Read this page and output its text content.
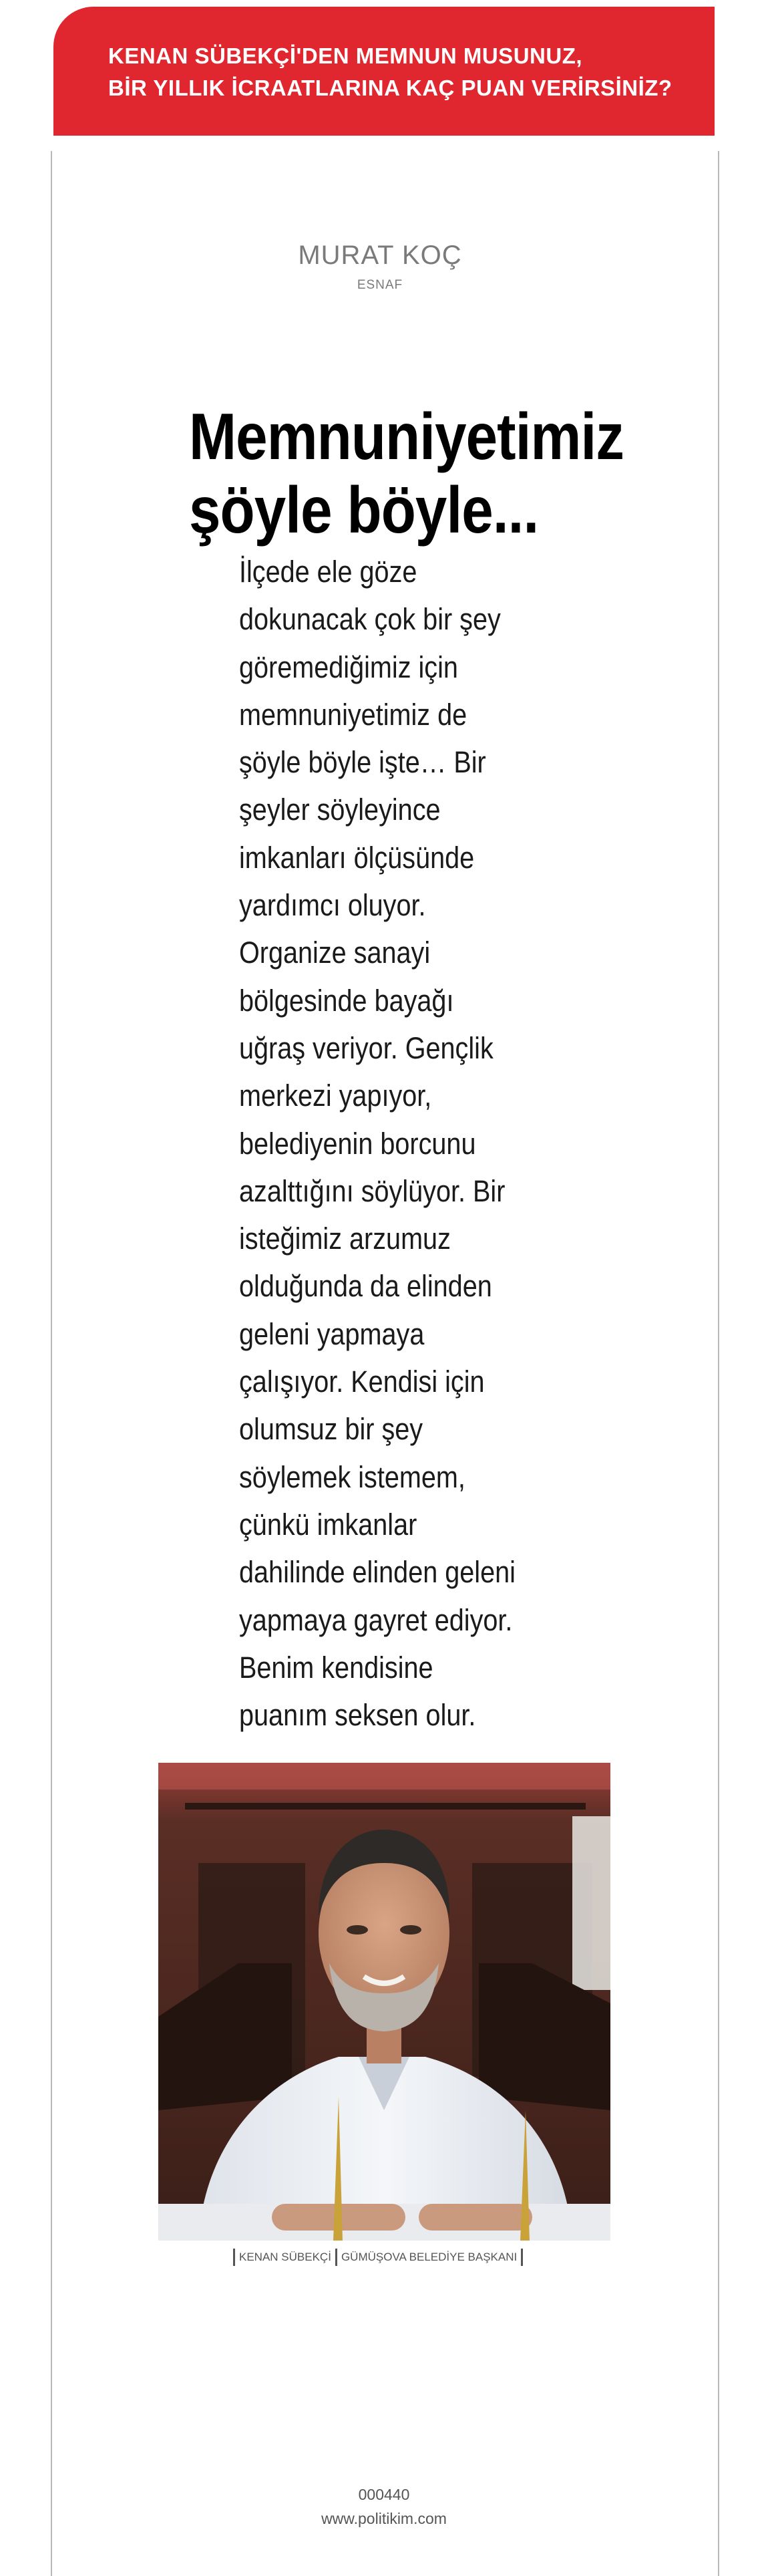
KENAN SÜBEKÇİ'DEN MEMNUN MUSUNUZ,
BİR YILLIK İCRAATLARINA KAÇ PUAN VERİRSİNİZ?
MURAT KOÇ
ESNAF
Memnuniyetimiz
şöyle böyle...
İlçede ele göze
dokunacak çok bir şey
göremediğimiz için
memnuniyetimiz de
şöyle böyle işte… Bir
şeyler söyleyince
imkanları ölçüsünde
yardımcı oluyor.
Organize sanayi
bölgesinde bayağı
uğraş veriyor. Gençlik
merkezi yapıyor,
belediyenin borcunu
azalttığını söylüyor. Bir
isteğimiz arzumuz
olduğunda da elinden
geleni yapmaya
çalışıyor. Kendisi için
olumsuz bir şey
söylemek istemem,
çünkü imkanlar
dahilinde elinden geleni
yapmaya gayret ediyor.
Benim kendisine
puanım seksen olur.
KENAN SÜBEKÇİ GÜMÜŞOVA BELEDİYE BAŞKANI
000440
www.politikim.com
